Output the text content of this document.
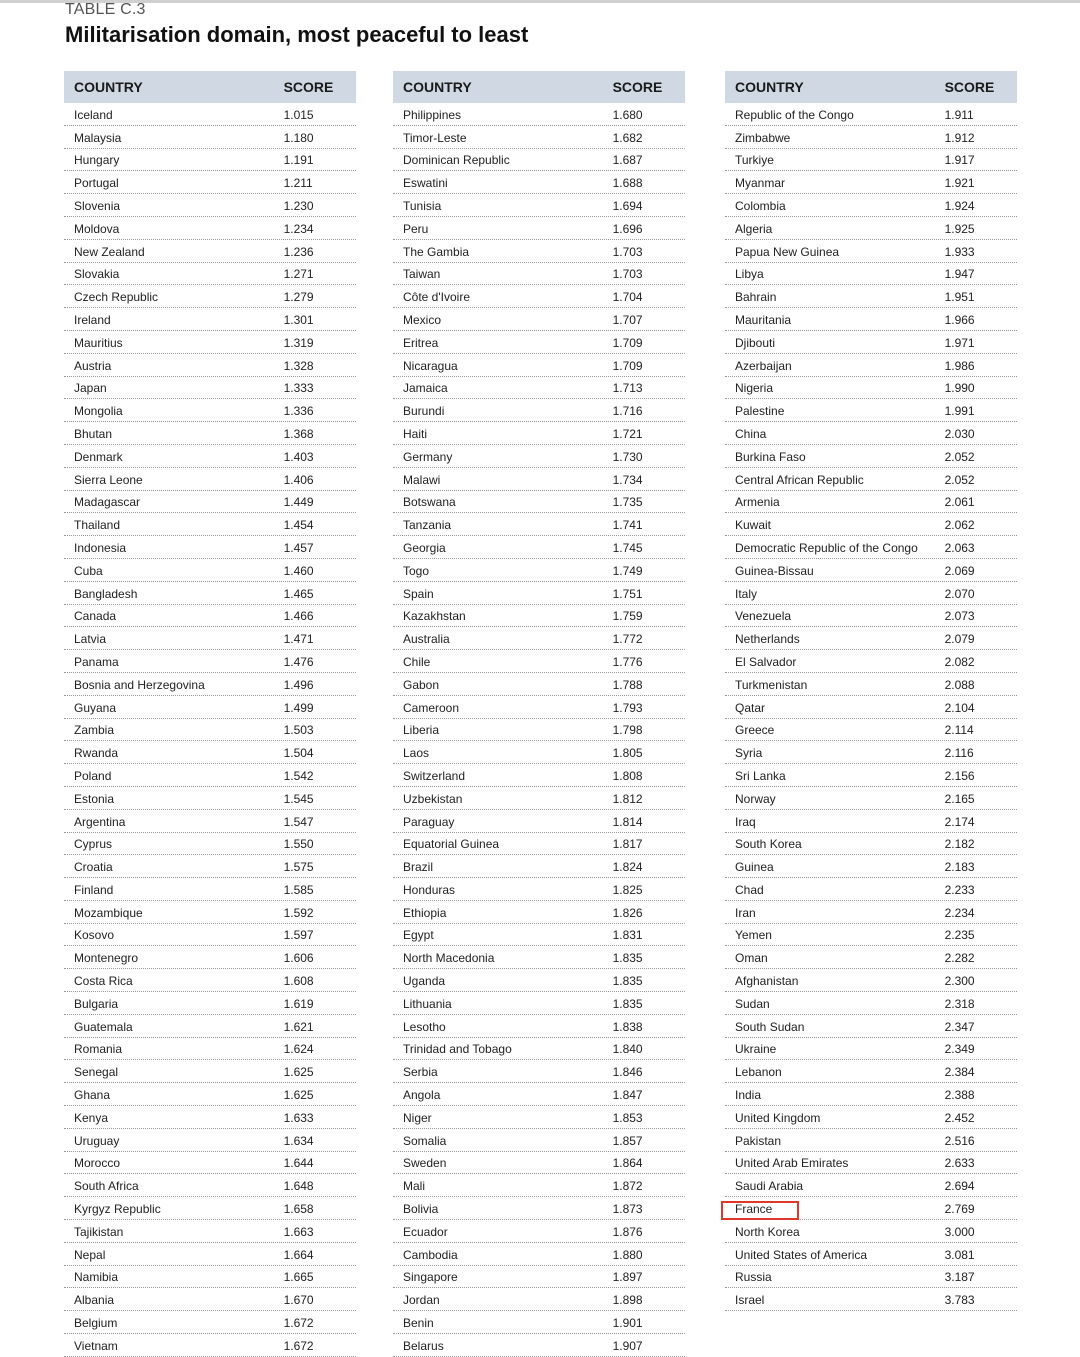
TABLE C.3
Militarisation domain, most peaceful to least
COUNTRY	SCORE
Iceland	1.015
Malaysia	1.180
Hungary	1.191
Portugal	1.211
Slovenia	1.230
Moldova	1.234
New Zealand	1.236
Slovakia	1.271
Czech Republic	1.279
Ireland	1.301
Mauritius	1.319
Austria	1.328
Japan	1.333
Mongolia	1.336
Bhutan	1.368
Denmark	1.403
Sierra Leone	1.406
Madagascar	1.449
Thailand	1.454
Indonesia	1.457
Cuba	1.460
Bangladesh	1.465
Canada	1.466
Latvia	1.471
Panama	1.476
Bosnia and Herzegovina	1.496
Guyana	1.499
Zambia	1.503
Rwanda	1.504
Poland	1.542
Estonia	1.545
Argentina	1.547
Cyprus	1.550
Croatia	1.575
Finland	1.585
Mozambique	1.592
Kosovo	1.597
Montenegro	1.606
Costa Rica	1.608
Bulgaria	1.619
Guatemala	1.621
Romania	1.624
Senegal	1.625
Ghana	1.625
Kenya	1.633
Uruguay	1.634
Morocco	1.644
South Africa	1.648
Kyrgyz Republic	1.658
Tajikistan	1.663
Nepal	1.664
Namibia	1.665
Albania	1.670
Belgium	1.672
Vietnam	1.672
COUNTRY	SCORE
Philippines	1.680
Timor-Leste	1.682
Dominican Republic	1.687
Eswatini	1.688
Tunisia	1.694
Peru	1.696
The Gambia	1.703
Taiwan	1.703
Côte d'Ivoire	1.704
Mexico	1.707
Eritrea	1.709
Nicaragua	1.709
Jamaica	1.713
Burundi	1.716
Haiti	1.721
Germany	1.730
Malawi	1.734
Botswana	1.735
Tanzania	1.741
Georgia	1.745
Togo	1.749
Spain	1.751
Kazakhstan	1.759
Australia	1.772
Chile	1.776
Gabon	1.788
Cameroon	1.793
Liberia	1.798
Laos	1.805
Switzerland	1.808
Uzbekistan	1.812
Paraguay	1.814
Equatorial Guinea	1.817
Brazil	1.824
Honduras	1.825
Ethiopia	1.826
Egypt	1.831
North Macedonia	1.835
Uganda	1.835
Lithuania	1.835
Lesotho	1.838
Trinidad and Tobago	1.840
Serbia	1.846
Angola	1.847
Niger	1.853
Somalia	1.857
Sweden	1.864
Mali	1.872
Bolivia	1.873
Ecuador	1.876
Cambodia	1.880
Singapore	1.897
Jordan	1.898
Benin	1.901
Belarus	1.907
COUNTRY	SCORE
Republic of the Congo	1.911
Zimbabwe	1.912
Turkiye	1.917
Myanmar	1.921
Colombia	1.924
Algeria	1.925
Papua New Guinea	1.933
Libya	1.947
Bahrain	1.951
Mauritania	1.966
Djibouti	1.971
Azerbaijan	1.986
Nigeria	1.990
Palestine	1.991
China	2.030
Burkina Faso	2.052
Central African Republic	2.052
Armenia	2.061
Kuwait	2.062
Democratic Republic of the Congo	2.063
Guinea-Bissau	2.069
Italy	2.070
Venezuela	2.073
Netherlands	2.079
El Salvador	2.082
Turkmenistan	2.088
Qatar	2.104
Greece	2.114
Syria	2.116
Sri Lanka	2.156
Norway	2.165
Iraq	2.174
South Korea	2.182
Guinea	2.183
Chad	2.233
Iran	2.234
Yemen	2.235
Oman	2.282
Afghanistan	2.300
Sudan	2.318
South Sudan	2.347
Ukraine	2.349
Lebanon	2.384
India	2.388
United Kingdom	2.452
Pakistan	2.516
United Arab Emirates	2.633
Saudi Arabia	2.694
France	2.769
North Korea	3.000
United States of America	3.081
Russia	3.187
Israel	3.783
